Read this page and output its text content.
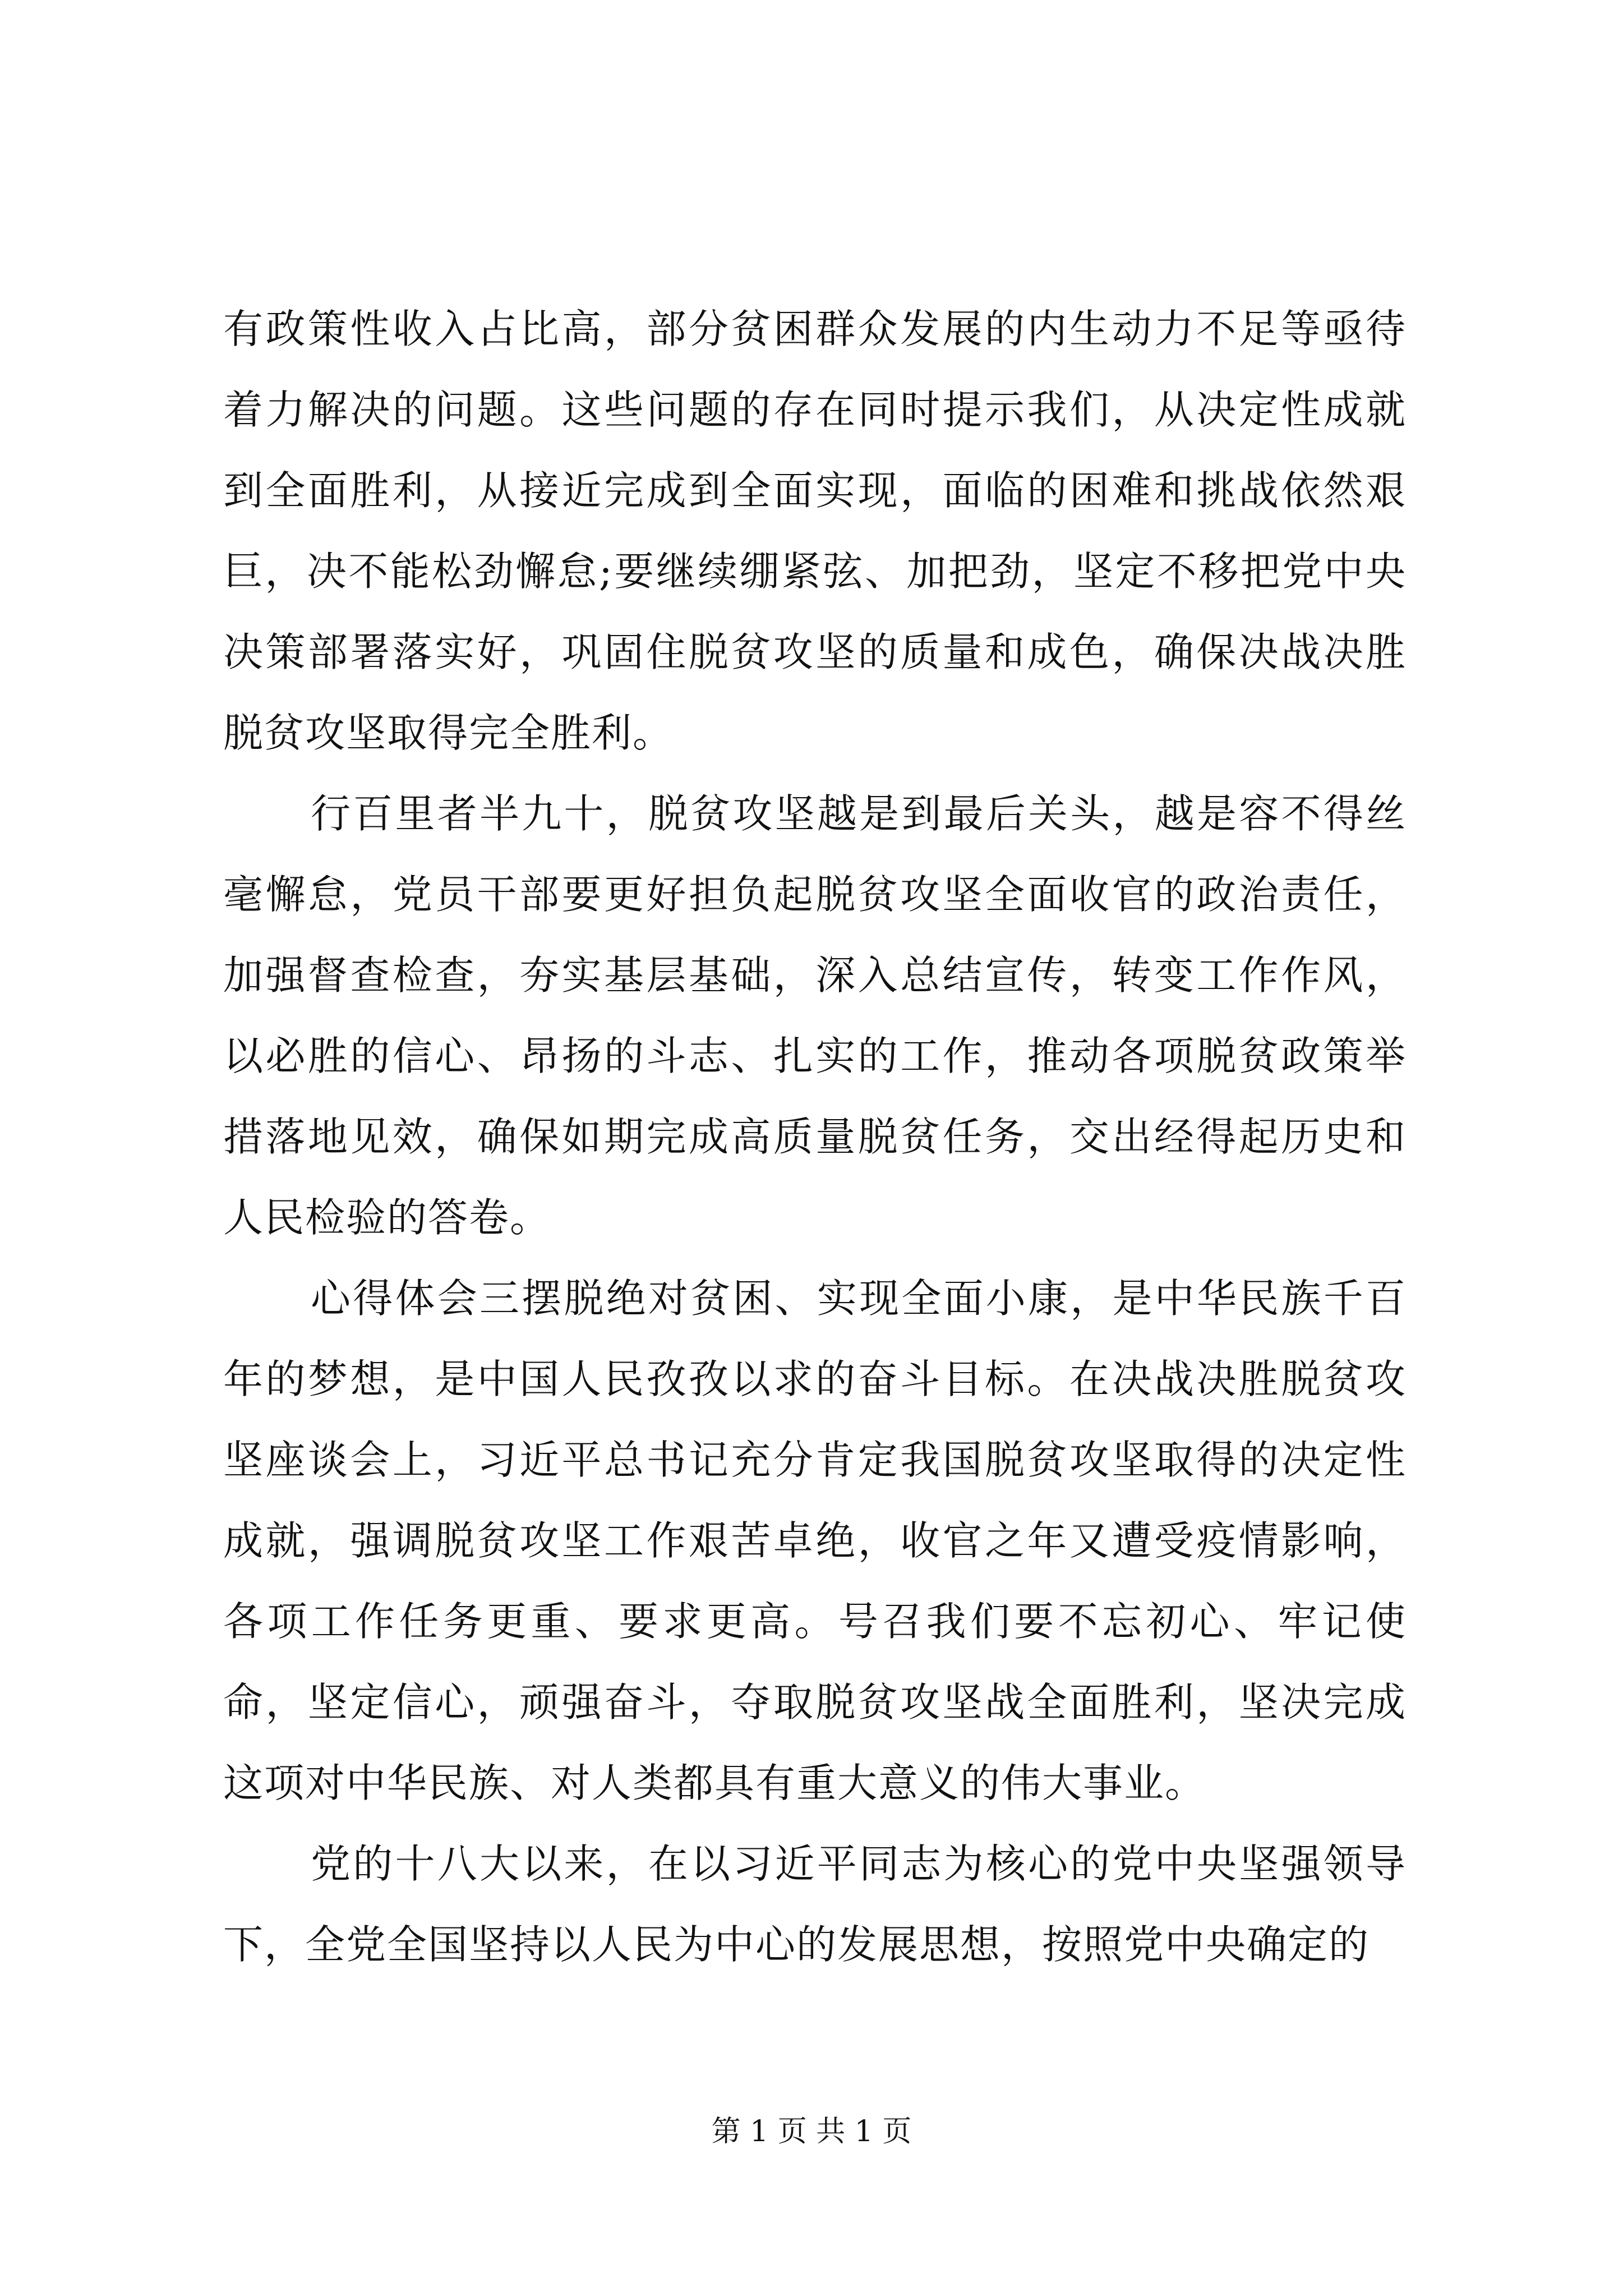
有政策性收入占比高，部分贫困群众发展的内生动力不足等亟待着力解决的问题。这些问题的存在同时提示我们，从决定性成就到全面胜利，从接近完成到全面实现，面临的困难和挑战依然艰巨，决不能松劲懈怠;要继续绷紧弦、加把劲，坚定不移把党中央决策部署落实好，巩固住脱贫攻坚的质量和成色，确保决战决胜脱贫攻坚取得完全胜利。

行百里者半九十，脱贫攻坚越是到最后关头，越是容不得丝毫懈怠，党员干部要更好担负起脱贫攻坚全面收官的政治责任，加强督查检查，夯实基层基础，深入总结宣传，转变工作作风，以必胜的信心、昂扬的斗志、扎实的工作，推动各项脱贫政策举措落地见效，确保如期完成高质量脱贫任务，交出经得起历史和人民检验的答卷。

心得体会三摆脱绝对贫困、实现全面小康，是中华民族千百年的梦想，是中国人民孜孜以求的奋斗目标。在决战决胜脱贫攻坚座谈会上，习近平总书记充分肯定我国脱贫攻坚取得的决定性成就，强调脱贫攻坚工作艰苦卓绝，收官之年又遭受疫情影响，各项工作任务更重、要求更高。号召我们要不忘初心、牢记使命，坚定信心，顽强奋斗，夺取脱贫攻坚战全面胜利，坚决完成这项对中华民族、对人类都具有重大意义的伟大事业。

党的十八大以来，在以习近平同志为核心的党中央坚强领导下，全党全国坚持以人民为中心的发展思想，按照党中央确定的

第 1 页 共 1 页
